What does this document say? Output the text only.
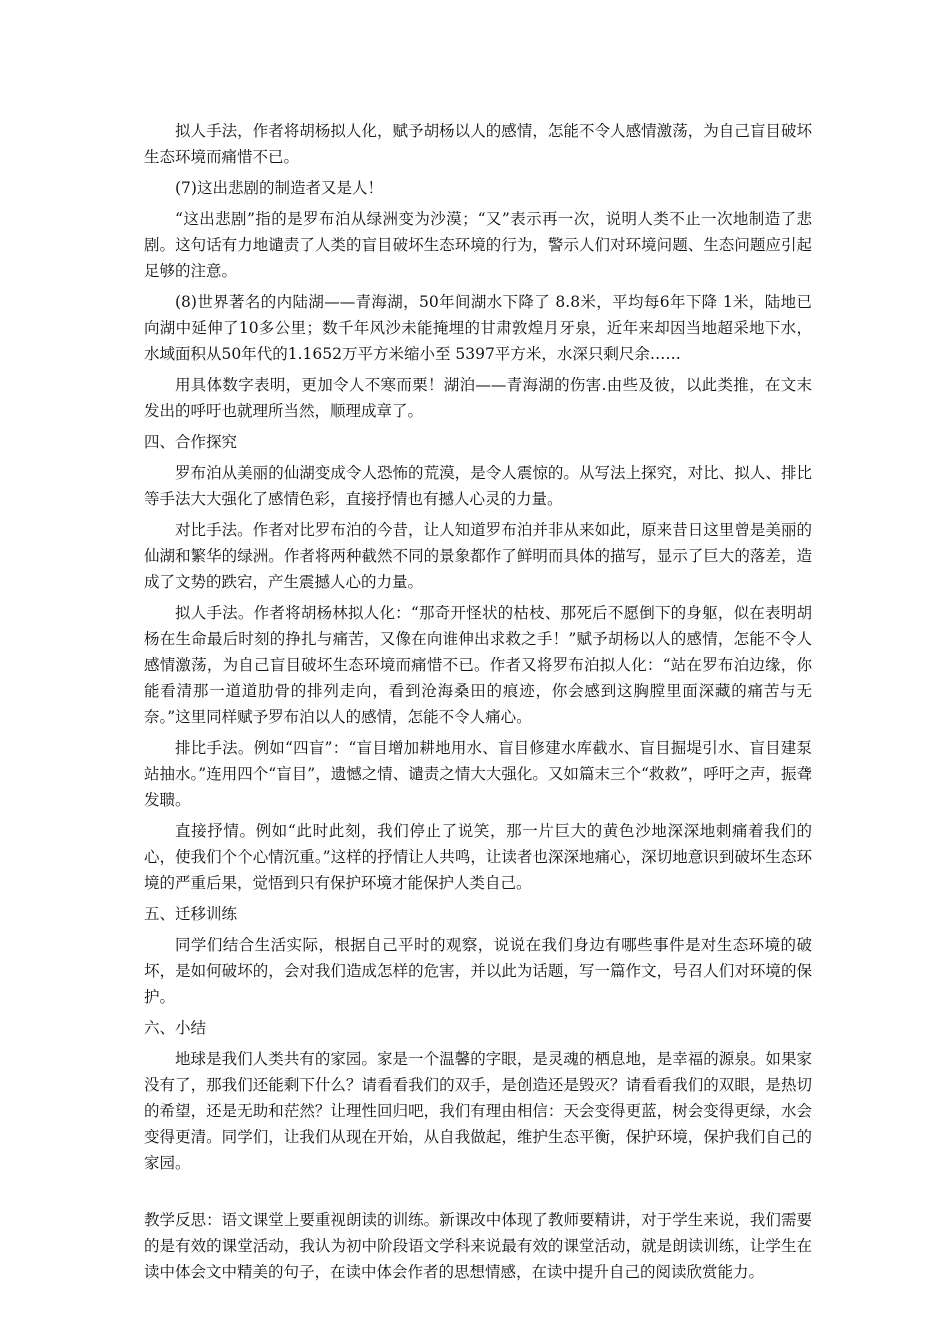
拟人手法，作者将胡杨拟人化，赋予胡杨以人的感情，怎能不令人感情激荡，为自己盲目破坏生态环境而痛惜不已。

(7)这出悲剧的制造者又是人！

“这出悲剧”指的是罗布泊从绿洲变为沙漠；“又”表示再一次，说明人类不止一次地制造了悲剧。这句话有力地谴责了人类的盲目破坏生态环境的行为，警示人们对环境问题、生态问题应引起足够的注意。

(8)世界著名的内陆湖——青海湖，50年间湖水下降了 8.8米，平均每6年下降 1米，陆地已向湖中延伸了10多公里；数千年风沙未能掩埋的甘肃敦煌月牙泉，近年来却因当地超采地下水，水域面积从50年代的1.1652万平方米缩小至 5397平方米，水深只剩尺余……

用具体数字表明，更加令人不寒而栗！湖泊——青海湖的伤害.由些及彼，以此类推，在文末发出的呼吁也就理所当然，顺理成章了。

四、合作探究

罗布泊从美丽的仙湖变成令人恐怖的荒漠，是令人震惊的。从写法上探究，对比、拟人、排比等手法大大强化了感情色彩，直接抒情也有撼人心灵的力量。

对比手法。作者对比罗布泊的今昔，让人知道罗布泊并非从来如此，原来昔日这里曾是美丽的仙湖和繁华的绿洲。作者将两种截然不同的景象都作了鲜明而具体的描写，显示了巨大的落差，造成了文势的跌宕，产生震撼人心的力量。

拟人手法。作者将胡杨林拟人化：“那奇开怪状的枯枝、那死后不愿倒下的身躯，似在表明胡杨在生命最后时刻的挣扎与痛苦，又像在向谁伸出求救之手！”赋予胡杨以人的感情，怎能不令人感情激荡，为自己盲目破坏生态环境而痛惜不已。作者又将罗布泊拟人化：“站在罗布泊边缘，你能看清那一道道肋骨的排列走向，看到沧海桑田的痕迹，你会感到这胸膛里面深藏的痛苦与无奈。”这里同样赋予罗布泊以人的感情，怎能不令人痛心。

排比手法。例如“四盲”：“盲目增加耕地用水、盲目修建水库截水、盲目掘堤引水、盲目建泵站抽水。”连用四个“盲目”，遗憾之情、谴责之情大大强化。又如篇末三个“救救”，呼吁之声，振聋发聩。

直接抒情。例如“此时此刻，我们停止了说笑，那一片巨大的黄色沙地深深地刺痛着我们的心，使我们个个心情沉重。”这样的抒情让人共鸣，让读者也深深地痛心，深切地意识到破坏生态环境的严重后果，觉悟到只有保护环境才能保护人类自己。

五、迁移训练

同学们结合生活实际，根据自己平时的观察，说说在我们身边有哪些事件是对生态环境的破坏，是如何破坏的，会对我们造成怎样的危害，并以此为话题，写一篇作文，号召人们对环境的保护。

六、小结

地球是我们人类共有的家园。家是一个温馨的字眼，是灵魂的栖息地，是幸福的源泉。如果家没有了，那我们还能剩下什么？请看看我们的双手，是创造还是毁灭？请看看我们的双眼，是热切的希望，还是无助和茫然？让理性回归吧，我们有理由相信：天会变得更蓝，树会变得更绿，水会变得更清。同学们，让我们从现在开始，从自我做起，维护生态平衡，保护环境，保护我们自己的家园。

教学反思：语文课堂上要重视朗读的训练。新课改中体现了教师要精讲，对于学生来说，我们需要的是有效的课堂活动，我认为初中阶段语文学科来说最有效的课堂活动，就是朗读训练，让学生在读中体会文中精美的句子，在读中体会作者的思想情感，在读中提升自己的阅读欣赏能力。
